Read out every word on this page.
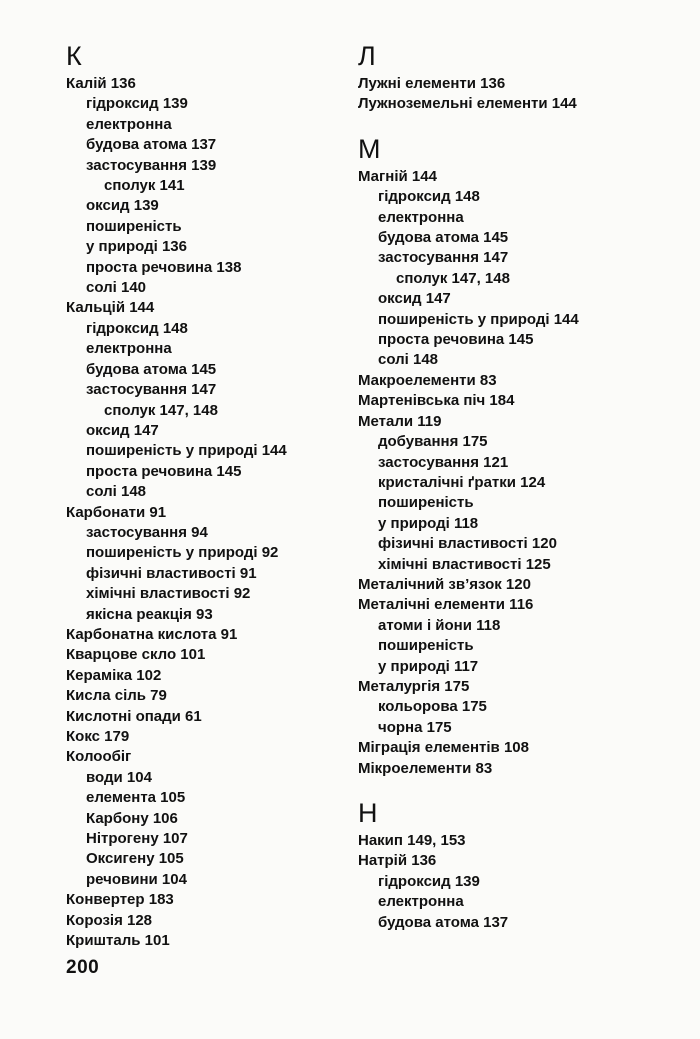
К
Калій 136
гідроксид 139
електронна
будова атома 137
застосування 139
сполук 141
оксид 139
поширеність
у природі 136
проста речовина 138
солі 140
Кальцій 144
гідроксид 148
електронна
будова атома 145
застосування 147
сполук 147, 148
оксид 147
поширеність у природі 144
проста речовина 145
солі 148
Карбонати 91
застосування 94
поширеність у природі 92
фізичні властивості 91
хімічні властивості 92
якісна реакція 93
Карбонатна кислота 91
Кварцове скло 101
Кераміка 102
Кисла сіль 79
Кислотні опади 61
Кокс 179
Колообіг
води 104
елемента 105
Карбону 106
Нітрогену 107
Оксигену 105
речовини 104
Конвертер 183
Корозія 128
Кришталь 101
Л
Лужні елементи 136
Лужноземельні елементи 144
М
Магній 144
гідроксид 148
електронна
будова атома 145
застосування 147
сполук 147, 148
оксид 147
поширеність у природі 144
проста речовина 145
солі 148
Макроелементи 83
Мартенівська піч 184
Метали 119
добування 175
застосування 121
кристалічні ґратки 124
поширеність
у природі 118
фізичні властивості 120
хімічні властивості 125
Металічний зв’язок 120
Металічні елементи 116
атоми і йони 118
поширеність
у природі 117
Металургія 175
кольорова 175
чорна 175
Міграція елементів 108
Мікроелементи 83
Н
Накип 149, 153
Натрій 136
гідроксид 139
електронна
будова атома 137
200
